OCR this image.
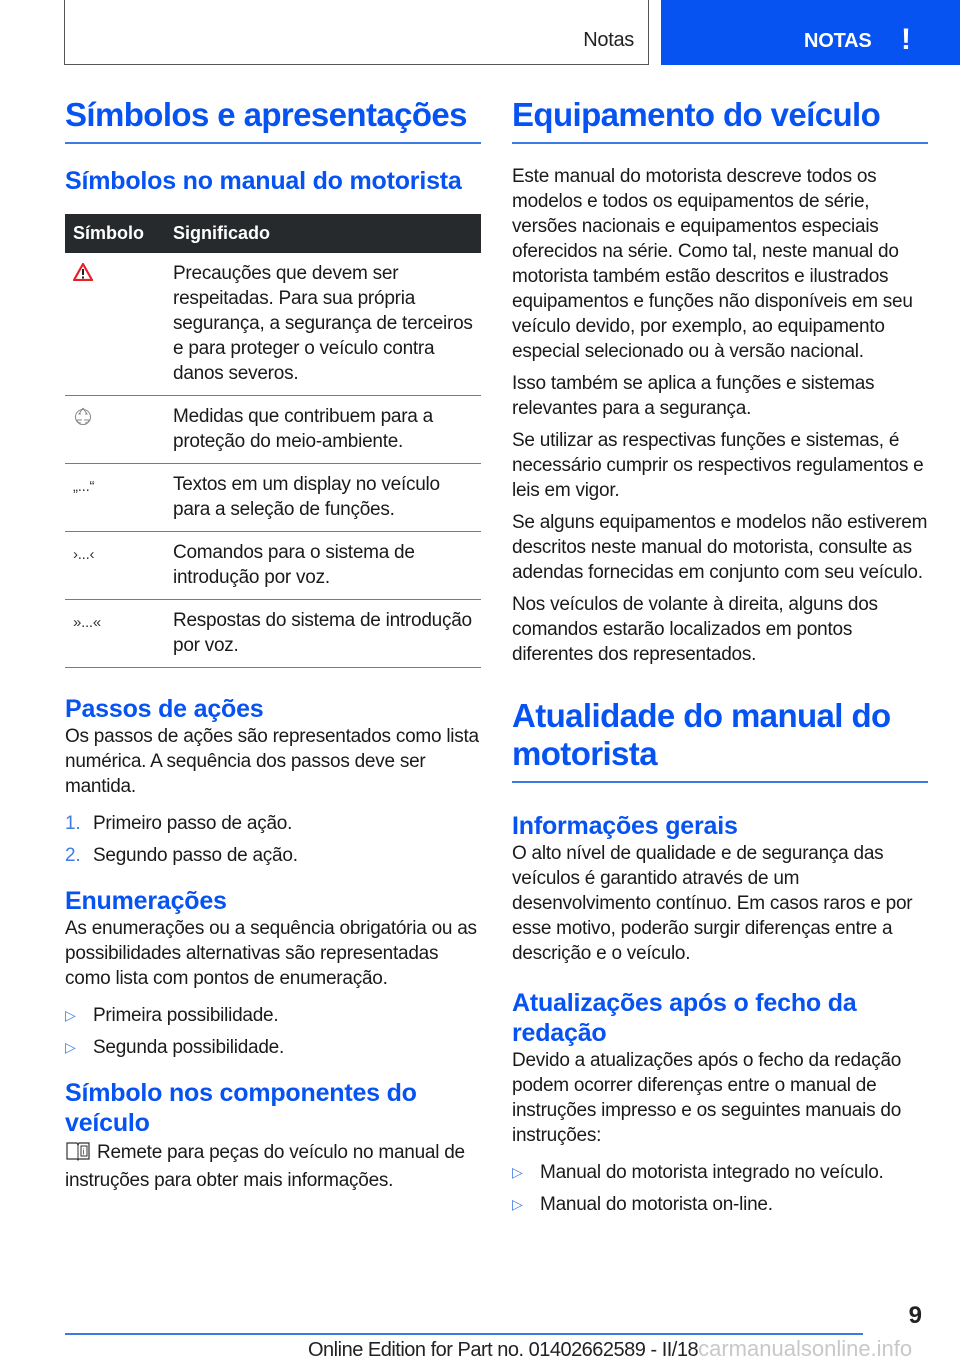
Notas	NOTAS !
Símbolos e apresentações
Símbolos no manual do motorista
Símbolo	Significado
	Precauções que devem ser respeitadas. Para sua própria segurança, a segurança de terceiros e para proteger o veículo contra danos severos.
	Medidas que contribuem para a proteção do meio-ambiente.
„...“	Textos em um display no veículo para a seleção de funções.
›...‹	Comandos para o sistema de introdução por voz.
»...«	Respostas do sistema de introdução por voz.
Passos de ações

Os passos de ações são representados como lista numérica. A sequência dos passos deve ser mantida.

1. Primeiro passo de ação.
2. Segundo passo de ação.
Enumerações

As enumerações ou a sequência obrigatória ou as possibilidades alternativas são representadas como lista com pontos de enumeração.

▷ Primeira possibilidade.
▷ Segunda possibilidade.
Símbolo nos componentes do veículo

i Remete para peças do veículo no manual de instruções para obter mais informações.

Equipamento do veículo

Este manual do motorista descreve todos os modelos e todos os equipamentos de série, versões nacionais e equipamentos especiais oferecidos na série. Como tal, neste manual do motorista também estão descritos e ilustrados equipamentos e funções não disponíveis em seu veículo devido, por exemplo, ao equipamento especial selecionado ou à versão nacional.

Isso também se aplica a funções e sistemas relevantes para a segurança.

Se utilizar as respectivas funções e sistemas, é necessário cumprir os respectivos regulamentos e leis em vigor.

Se alguns equipamentos e modelos não estiverem descritos neste manual do motorista, consulte as adendas fornecidas em conjunto com seu veículo.

Nos veículos de volante à direita, alguns dos comandos estarão localizados em pontos diferentes dos representados.

Atualidade do manual do motorista
Informações gerais

O alto nível de qualidade e de segurança das veículos é garantido através de um desenvolvimento contínuo. Em casos raros e por esse motivo, poderão surgir diferenças entre a descrição e o veículo.

Atualizações após o fecho da redação

Devido a atualizações após o fecho da redação podem ocorrer diferenças entre o manual de instruções impresso e os seguintes manuais do instruções:

▷ Manual do motorista integrado no veículo.
▷ Manual do motorista on-line.
9
Online Edition for Part no. 01402662589 - II/18carmanualsonline.info
